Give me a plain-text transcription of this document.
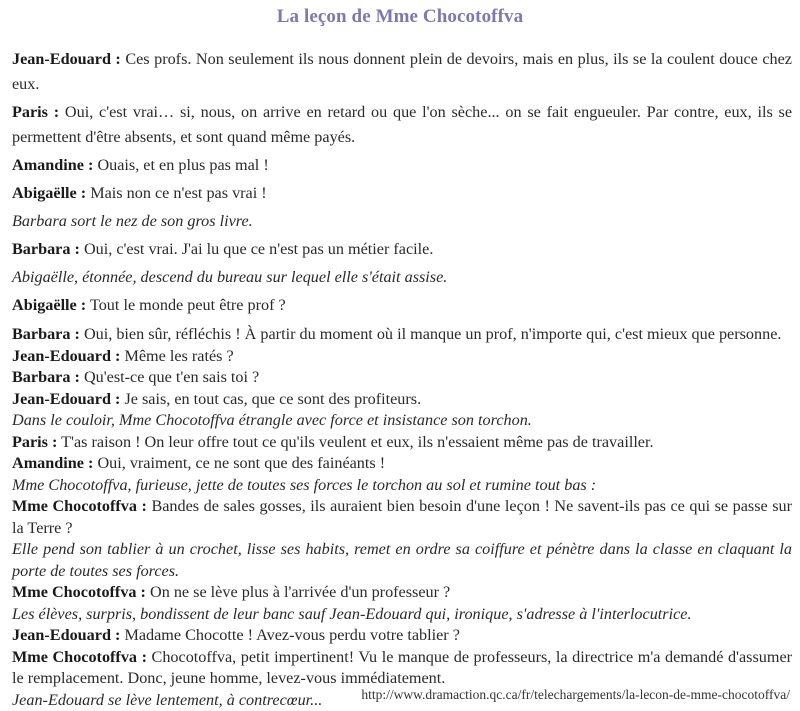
La leçon de Mme Chocotoffva

Jean-Edouard : Ces profs. Non seulement ils nous donnent plein de devoirs, mais en plus, ils se la coulent douce chez eux.

Paris : Oui, c'est vrai… si, nous, on arrive en retard ou que l'on sèche... on se fait engueuler. Par contre, eux, ils se permettent d'être absents, et sont quand même payés.

Amandine : Ouais, et en plus pas mal !

Abigaëlle : Mais non ce n'est pas vrai !

Barbara sort le nez de son gros livre.

Barbara : Oui, c'est vrai. J'ai lu que ce n'est pas un métier facile.

Abigaëlle, étonnée, descend du bureau sur lequel elle s'était assise.

Abigaëlle : Tout le monde peut être prof ?

Barbara : Oui, bien sûr, réfléchis ! À partir du moment où il manque un prof, n'importe qui, c'est mieux que personne.

Jean-Edouard : Même les ratés ?

Barbara : Qu'est-ce que t'en sais toi ?

Jean-Edouard : Je sais, en tout cas, que ce sont des profiteurs.

Dans le couloir, Mme Chocotoffva étrangle avec force et insistance son torchon.

Paris : T'as raison ! On leur offre tout ce qu'ils veulent et eux, ils n'essaient même pas de travailler.

Amandine : Oui, vraiment, ce ne sont que des fainéants !

Mme Chocotoffva, furieuse, jette de toutes ses forces le torchon au sol et rumine tout bas :

Mme Chocotoffva : Bandes de sales gosses, ils auraient bien besoin d'une leçon ! Ne savent-ils pas ce qui se passe sur la Terre ?

Elle pend son tablier à un crochet, lisse ses habits, remet en ordre sa coiffure et pénètre dans la classe en claquant la porte de toutes ses forces.

Mme Chocotoffva : On ne se lève plus à l'arrivée d'un professeur ?

Les élèves, surpris, bondissent de leur banc sauf Jean-Edouard qui, ironique, s'adresse à l'interlocutrice.

Jean-Edouard : Madame Chocotte ! Avez-vous perdu votre tablier ?

Mme Chocotoffva : Chocotoffva, petit impertinent! Vu le manque de professeurs, la directrice m'a demandé d'assumer le remplacement. Donc, jeune homme, levez-vous immédiatement.

Jean-Edouard se lève lentement, à contrecœur...	http://www.dramaction.qc.ca/fr/telechargements/la-lecon-de-mme-chocotoffva/
